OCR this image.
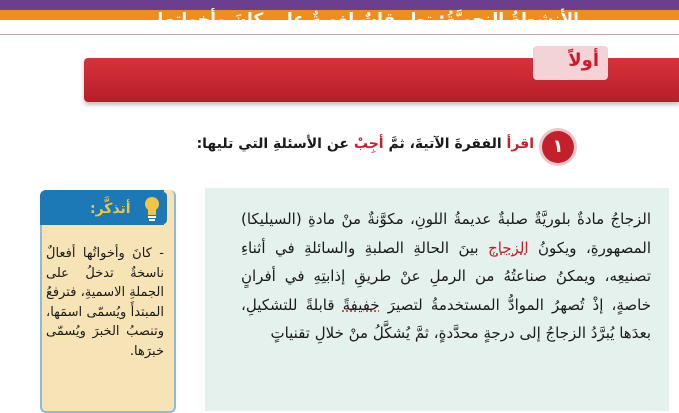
أولاً
الأنشطةُ النحويَّةُ: تطبيقاتٌ لغويةٌ على كانَ وأخواتِها
١
اقرأ الفقرةَ الآتيةَ، ثمَّ أجِبْ عن الأسئلةِ التي تليها:
الزجاجُ مادةٌ بلوريَّةٌ صلبةٌ عديمةُ اللونِ، مكوَّنةٌ منْ مادةِ (السيليكا) المصهورةِ، ويكونُ الزجاج بينَ الحالةِ الصلبةِ والسائلةِ في أثناءِ تصنيعِه، ويمكنُ صناعتُهُ من الرملِ عنْ طريقِ إذابتِهِ في أفرانٍ خاصةٍ، إذْ تُصهرُ الموادُّ المستخدمةُ لتصيرَ خفيفةً قابلةً للتشكيلِ، بعدَها يُبرَّدُ الزجاجُ إلى درجةٍ محدَّدةٍ، ثمَّ يُشكَّلُ منْ خلالِ تقنياتٍ
أتذكَّر:
- كانَ وأخواتُها أفعالٌ ناسخةٌ تدخلُ على الجملةِ الاسميةِ، فترفعُ المبتدأَ ويُسمّى اسمَها، وتنصبُ الخبرَ ويُسمّى خبرَها.
